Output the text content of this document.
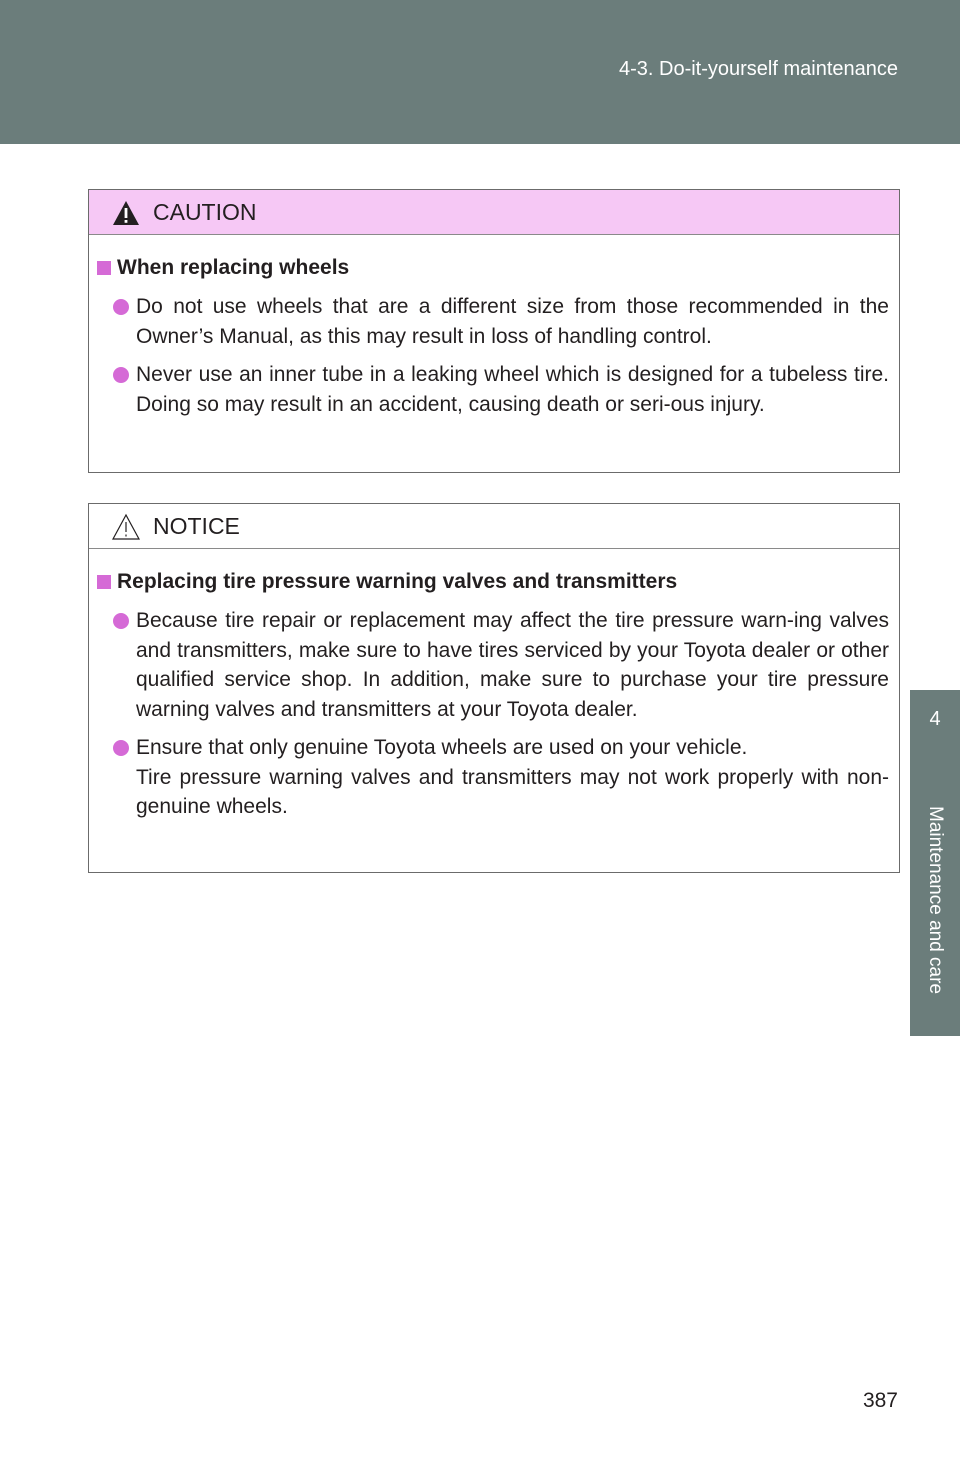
4-3. Do-it-yourself maintenance
4
Maintenance and care
CAUTION
When replacing wheels
Do not use wheels that are a different size from those recommended in the Owner’s Manual, as this may result in loss of handling control.
Never use an inner tube in a leaking wheel which is designed for a tubeless tire. Doing so may result in an accident, causing death or seri-ous injury.
NOTICE
Replacing tire pressure warning valves and transmitters
Because tire repair or replacement may affect the tire pressure warn-ing valves and transmitters, make sure to have tires serviced by your Toyota dealer or other qualified service shop. In addition, make sure to purchase your tire pressure warning valves and transmitters at your Toyota dealer.
Ensure that only genuine Toyota wheels are used on your vehicle.
Tire pressure warning valves and transmitters may not work properly with non-genuine wheels.
387
